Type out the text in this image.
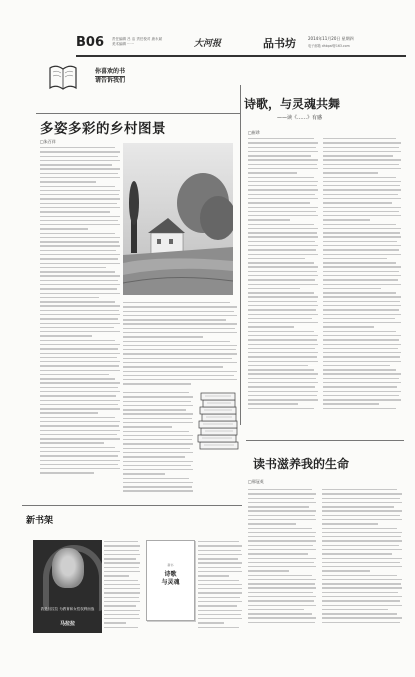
B06 责任编辑 吕 洁 责任校对 唐永斌
美术编辑 ······	大河报	品书坊	2014年11月20日 星期四
电子邮箱 dhbpsf@163.com
你喜欢的书
请告诉我们
多姿多彩的乡村图景
□朱百祥
诗歌，与灵魂共舞
——读《……》有感
□崔珍
读书滋养我的生命
□邢冠英
新书架
我是马拉拉 为教育和女性权利而战
马拉拉
新书
诗歌
与灵魂
